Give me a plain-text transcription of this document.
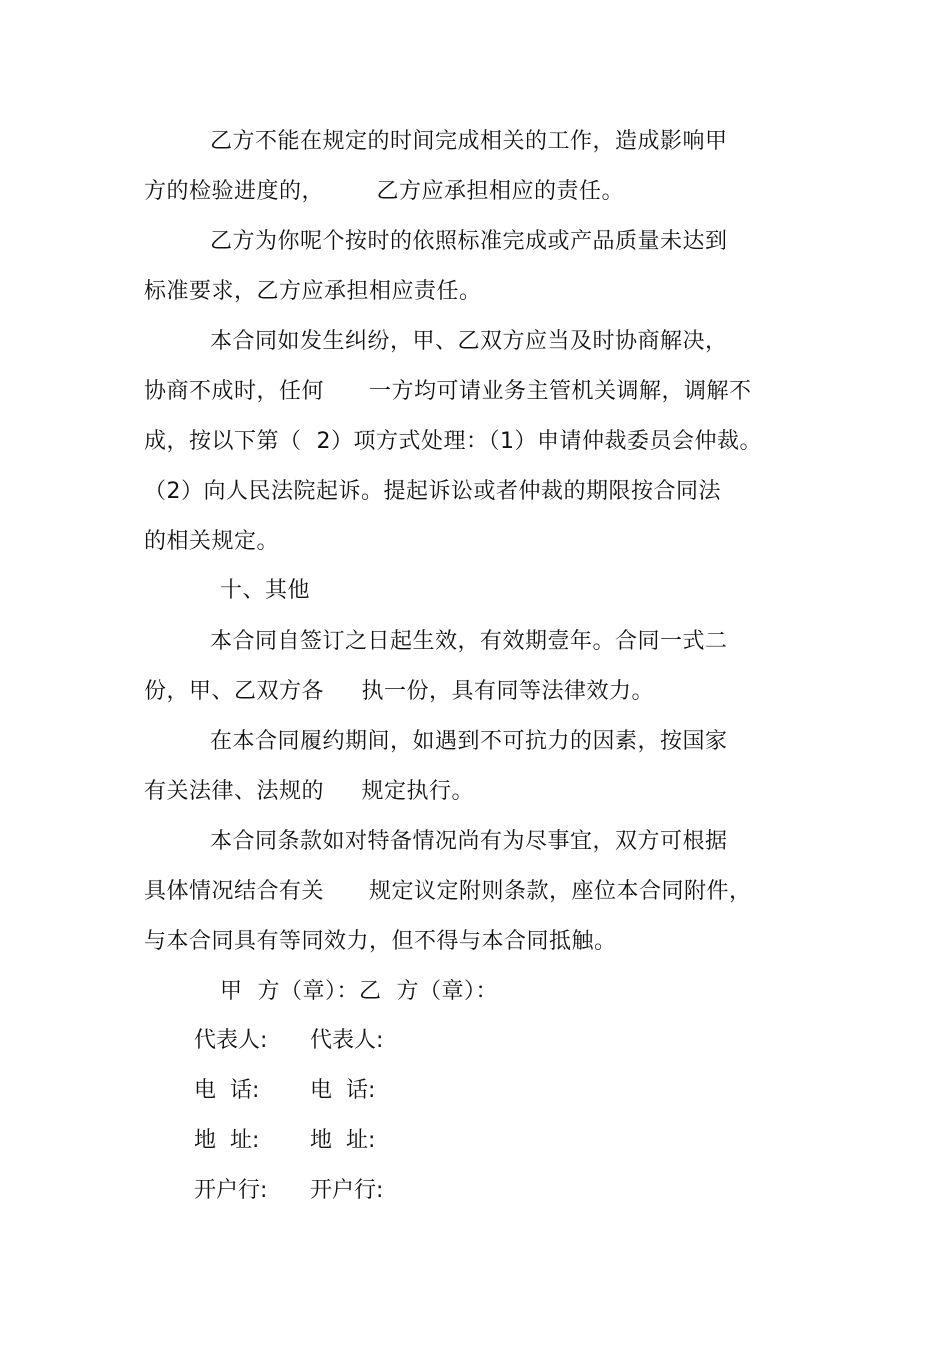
乙方不能在规定的时间完成相关的工作，造成影响甲
方的检验进度的，       乙方应承担相应的责任。
乙方为你呢个按时的依照标准完成或产品质量未达到
标准要求，乙方应承担相应责任。
本合同如发生纠纷，甲、乙双方应当及时协商解决，
协商不成时，任何      一方均可请业务主管机关调解，调解不
成，按以下第（  2）项方式处理：（1）申请仲裁委员会仲裁。
（2）向人民法院起诉。提起诉讼或者仲裁的期限按合同法
的相关规定。
十、其他
本合同自签订之日起生效，有效期壹年。合同一式二
份，甲、乙双方各     执一份，具有同等法律效力。
在本合同履约期间，如遇到不可抗力的因素，按国家
有关法律、法规的     规定执行。
本合同条款如对特备情况尚有为尽事宜，双方可根据
具体情况结合有关      规定议定附则条款，座位本合同附件，
与本合同具有等同效力，但不得与本合同抵触。
甲  方（章）：乙  方（章）：
代表人: 代表人:
电  话: 电  话:
地  址: 地  址:
开户行: 开户行:
